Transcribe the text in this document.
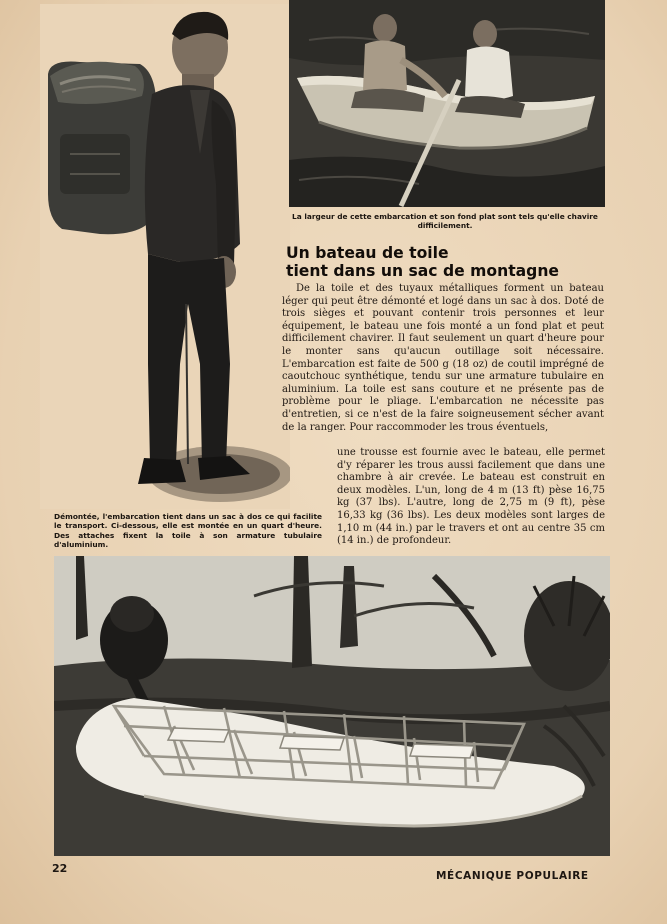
La largeur de cette embarcation et son fond plat sont tels qu'elle chavire difficilement.
Un bateau de toile
tient dans un sac de montagne

De la toile et des tuyaux métalliques forment un bateau léger qui peut être démonté et logé dans un sac à dos. Doté de trois sièges et pouvant contenir trois personnes et leur équipement, le bateau une fois monté a un fond plat et peut difficilement chavirer. Il faut seulement un quart d'heure pour le monter sans qu'aucun outillage soit nécessaire. L'embarcation est faite de 500 g (18 oz) de coutil imprégné de caoutchouc synthétique, tendu sur une armature tubulaire en aluminium. La toile est sans couture et ne présente pas de problème pour le pliage. L'embarcation ne nécessite pas d'entretien, si ce n'est de la faire soigneusement sécher avant de la ranger. Pour raccommoder les trous éventuels,

une trousse est fournie avec le bateau, elle permet d'y réparer les trous aussi facilement que dans une chambre à air crevée. Le bateau est construit en deux modèles. L'un, long de 4 m (13 ft) pèse 16,75 kg (37 lbs). L'autre, long de 2,75 m (9 ft), pèse 16,33 kg (36 lbs). Les deux modèles sont larges de 1,10 m (44 in.) par le travers et ont au centre 35 cm (14 in.) de profondeur.

Démontée, l'embarcation tient dans un sac à dos ce qui facilite le transport. Ci-dessous, elle est montée en un quart d'heure. Des attaches fixent la toile à son armature tubulaire d'aluminium.
22
MÉCANIQUE POPULAIRE
